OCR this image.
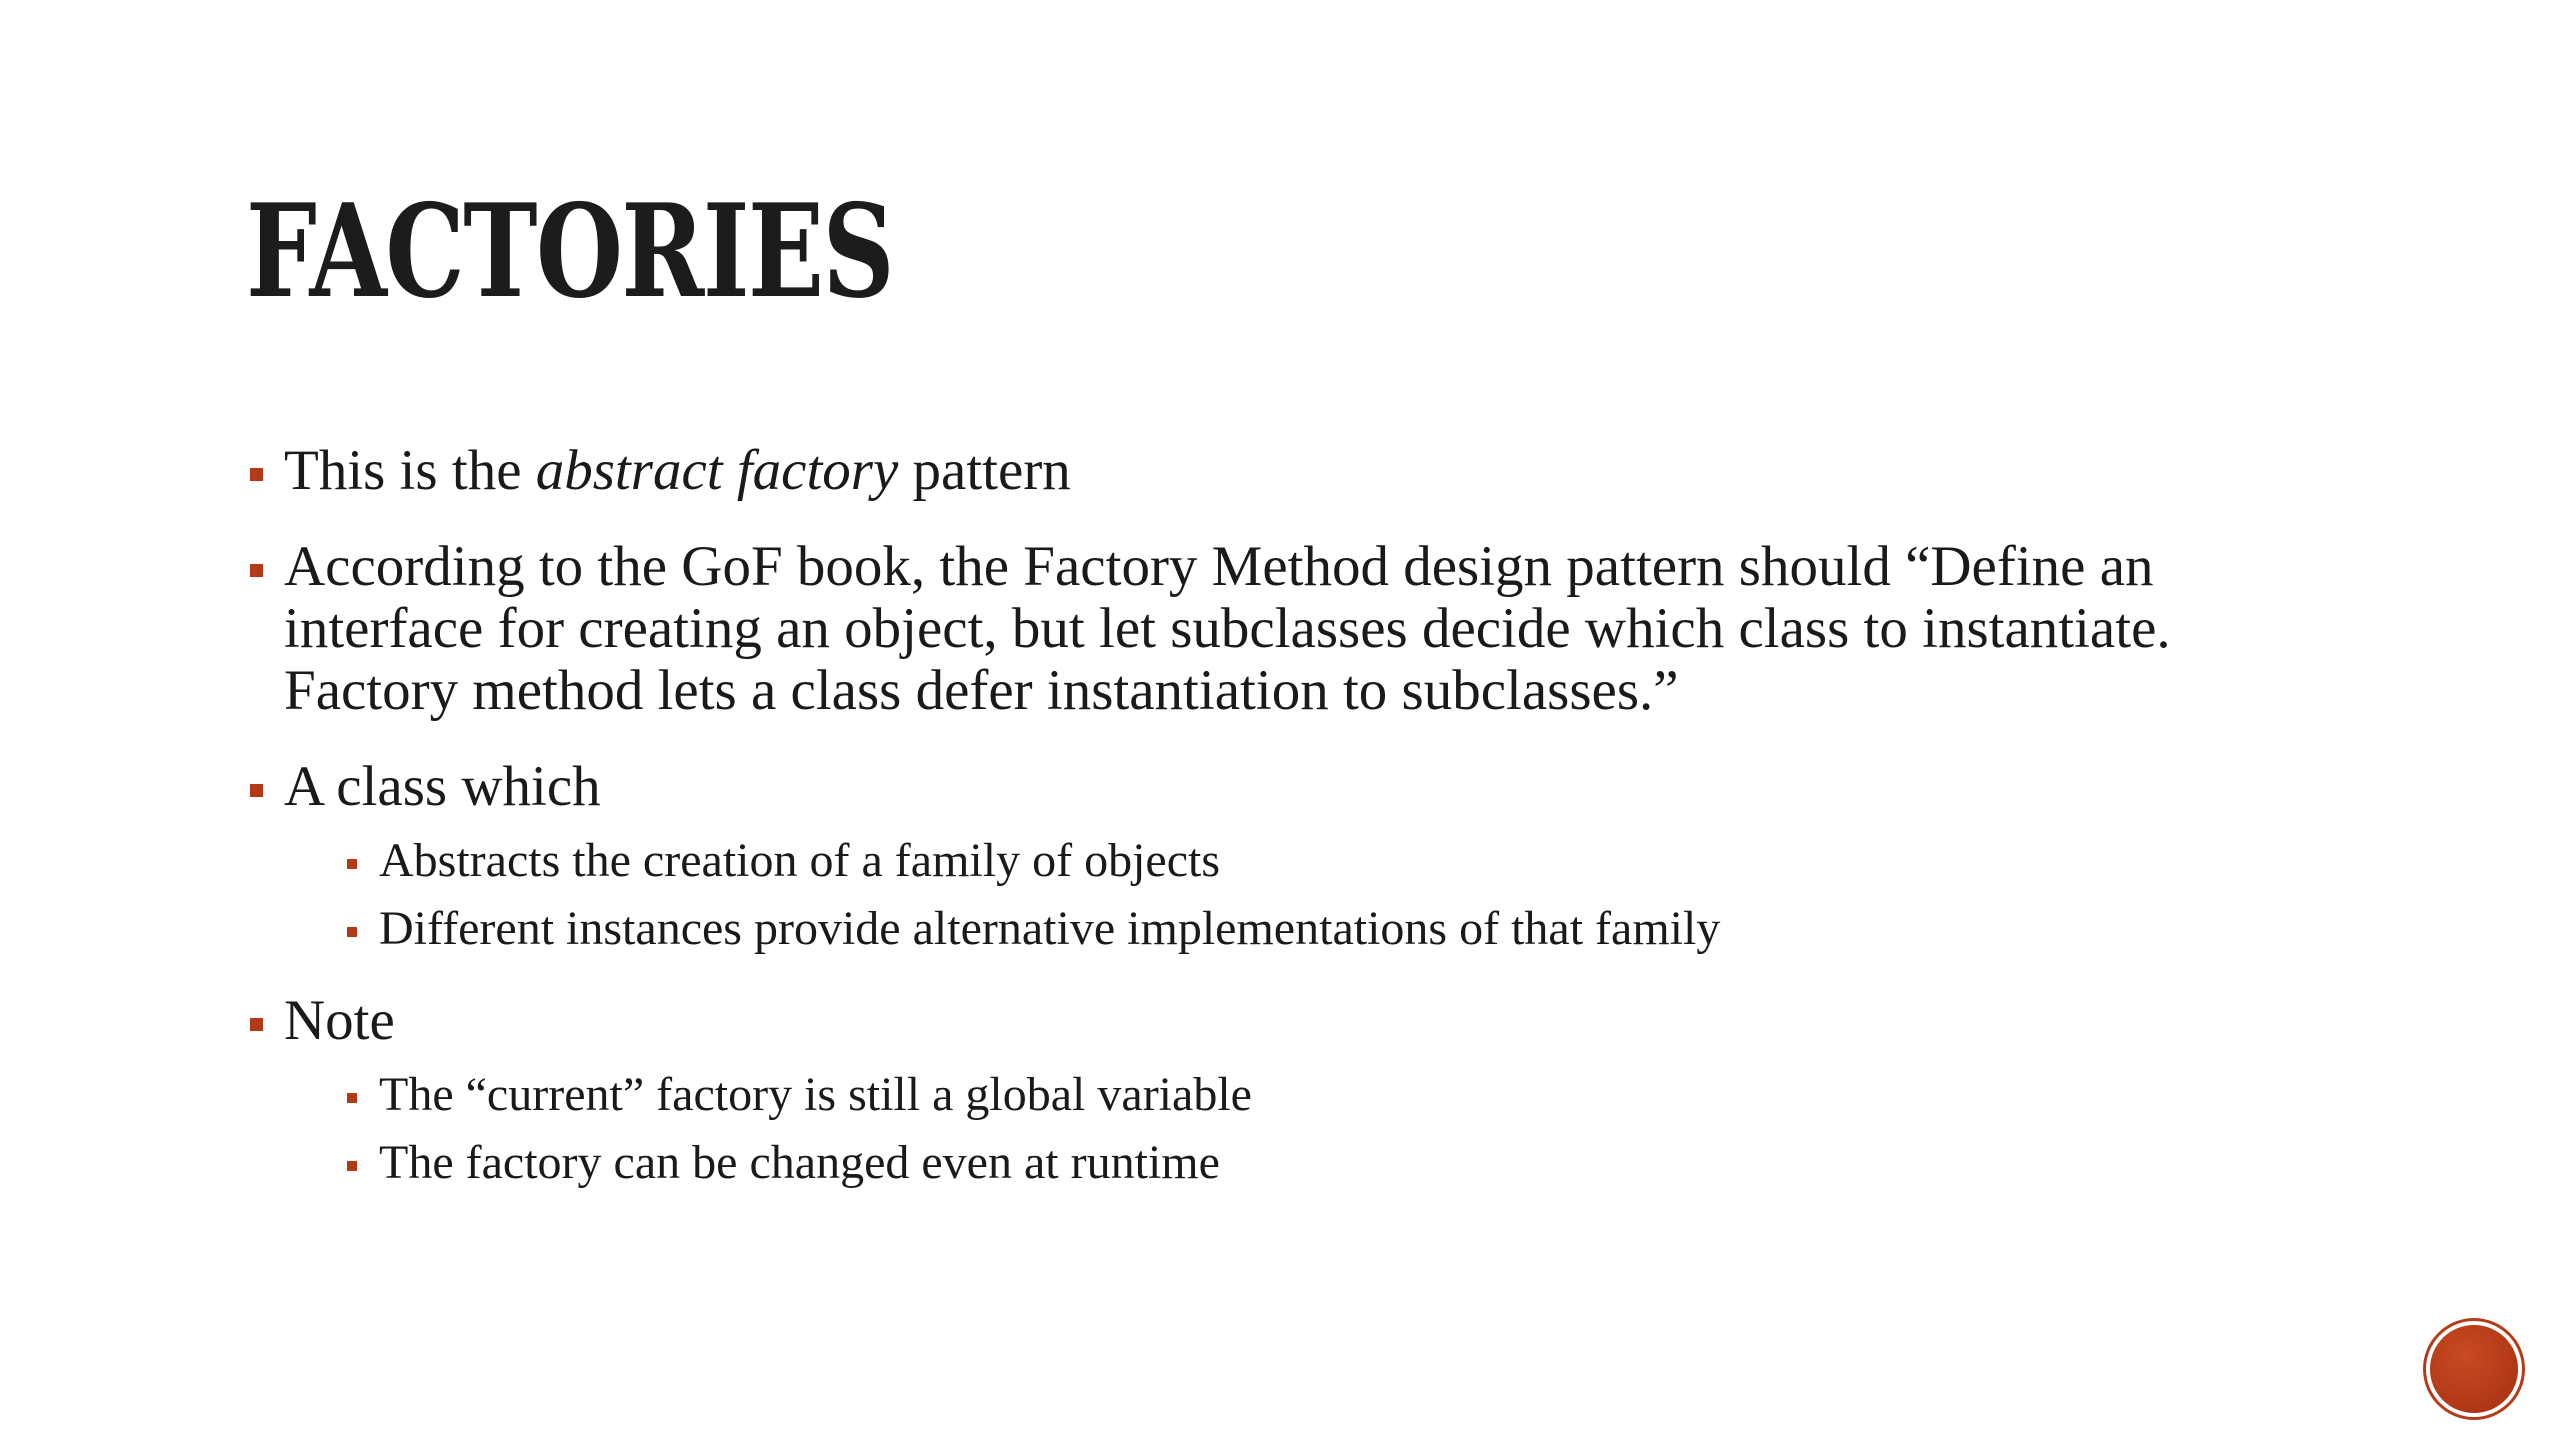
FACTORIES
This is the abstract factory pattern
According to the GoF book, the Factory Method design pattern should “Define an interface for creating an object, but let subclasses decide which class to instantiate. Factory method lets a class defer instantiation to subclasses.”
A class which
Abstracts the creation of a family of objects
Different instances provide alternative implementations of that family
Note
The “current” factory is still a global variable
The factory can be changed even at runtime
